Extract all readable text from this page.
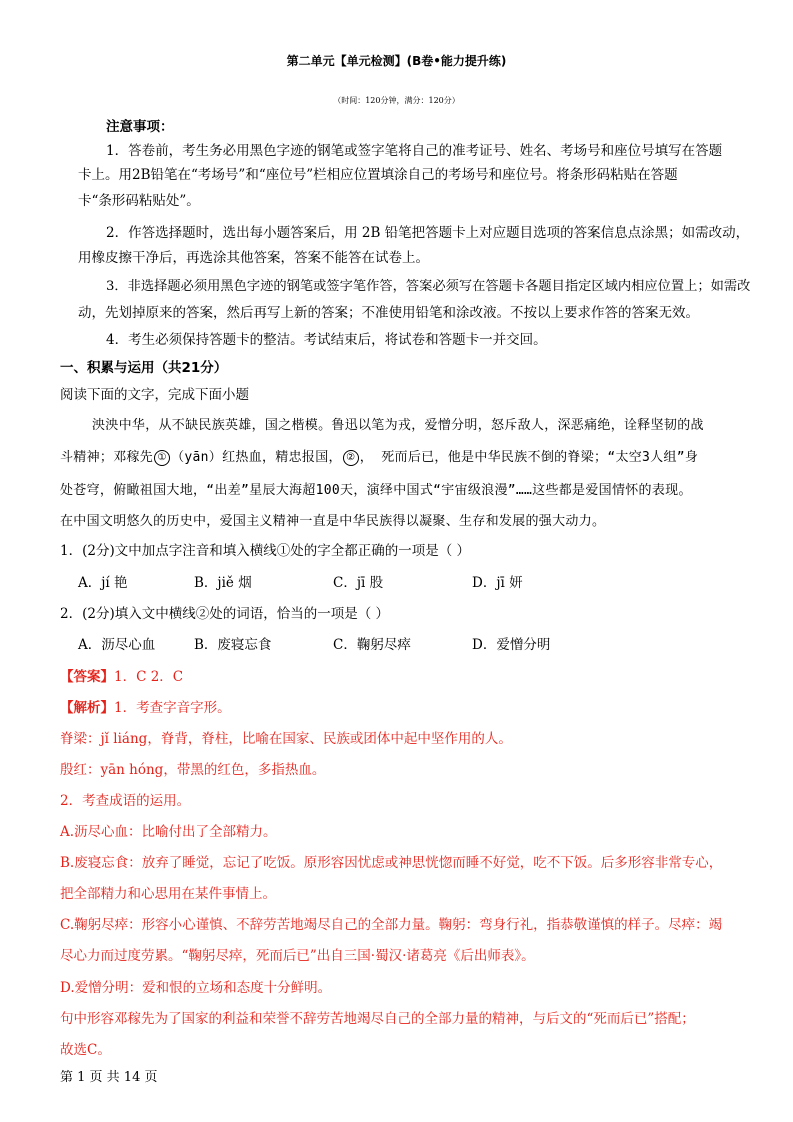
第二单元【单元检测】(B卷•能力提升练)
（时间：120分钟，满分：120分）
注意事项：
1．答卷前，考生务必用黑色字迹的钢笔或签字笔将自己的准考证号、姓名、考场号和座位号填写在答题
卡上。用2B铅笔在“考场号”和“座位号”栏相应位置填涂自己的考场号和座位号。将条形码粘贴在答题
卡“条形码粘贴处”。
2．作答选择题时，选出每小题答案后，用 2B 铅笔把答题卡上对应题目选项的答案信息点涂黑；如需改动，
用橡皮擦干净后，再选涂其他答案，答案不能答在试卷上。
3．非选择题必须用黑色字迹的钢笔或签字笔作答，答案必须写在答题卡各题目指定区域内相应位置上；如需改
动，先划掉原来的答案，然后再写上新的答案；不准使用铅笔和涂改液。不按以上要求作答的答案无效。
4．考生必须保持答题卡的整洁。考试结束后，将试卷和答题卡一并交回。
一、积累与运用（共21分）
阅读下面的文字，完成下面小题
泱泱中华，从不缺民族英雄，国之楷模。鲁迅以笔为戎，爱憎分明，怒斥敌人，深恶痛绝，诠释坚韧的战
斗精神；邓稼先 ① （yān）红热血，精忠报国， ② ， 死而后已，他是中华民族不倒的脊梁；“太空3人组”身
处苍穹，俯瞰祖国大地，“出差”星辰大海超100天，演绎中国式“宇宙级浪漫”……这些都是爱国情怀的表现。
在中国文明悠久的历史中，爱国主义精神一直是中华民族得以凝聚、生存和发展的强大动力。
1．(2分)文中加点字注音和填入横线①处的字全都正确的一项是（ ）
A．jí 艳	B．jiě 烟	C．jī 股	D．jī 妍
2．(2分)填入文中横线②处的词语，恰当的一项是（ ）
A．沥尽心血	B．废寝忘食	C．鞠躬尽瘁	D．爱憎分明
【答案】1．C 2．C
【解析】1．考查字音字形。
脊梁：jǐ liáng，脊背，脊柱，比喻在国家、民族或团体中起中坚作用的人。
殷红：yān hóng，带黑的红色，多指热血。
2．考查成语的运用。
A.沥尽心血：比喻付出了全部精力。
B.废寝忘食：放弃了睡觉，忘记了吃饭。原形容因忧虑或神思恍惚而睡不好觉，吃不下饭。后多形容非常专心，
把全部精力和心思用在某件事情上。
C.鞠躬尽瘁：形容小心谨慎、不辞劳苦地竭尽自己的全部力量。鞠躬：弯身行礼，指恭敬谨慎的样子。尽瘁：竭
尽心力而过度劳累。“鞠躬尽瘁，死而后已”出自三国·蜀汉·诸葛亮《后出师表》。
D.爱憎分明：爱和恨的立场和态度十分鲜明。
句中形容邓稼先为了国家的利益和荣誉不辞劳苦地竭尽自己的全部力量的精神，与后文的“死而后已”搭配；
故选C。
第 1 页 共 14 页
